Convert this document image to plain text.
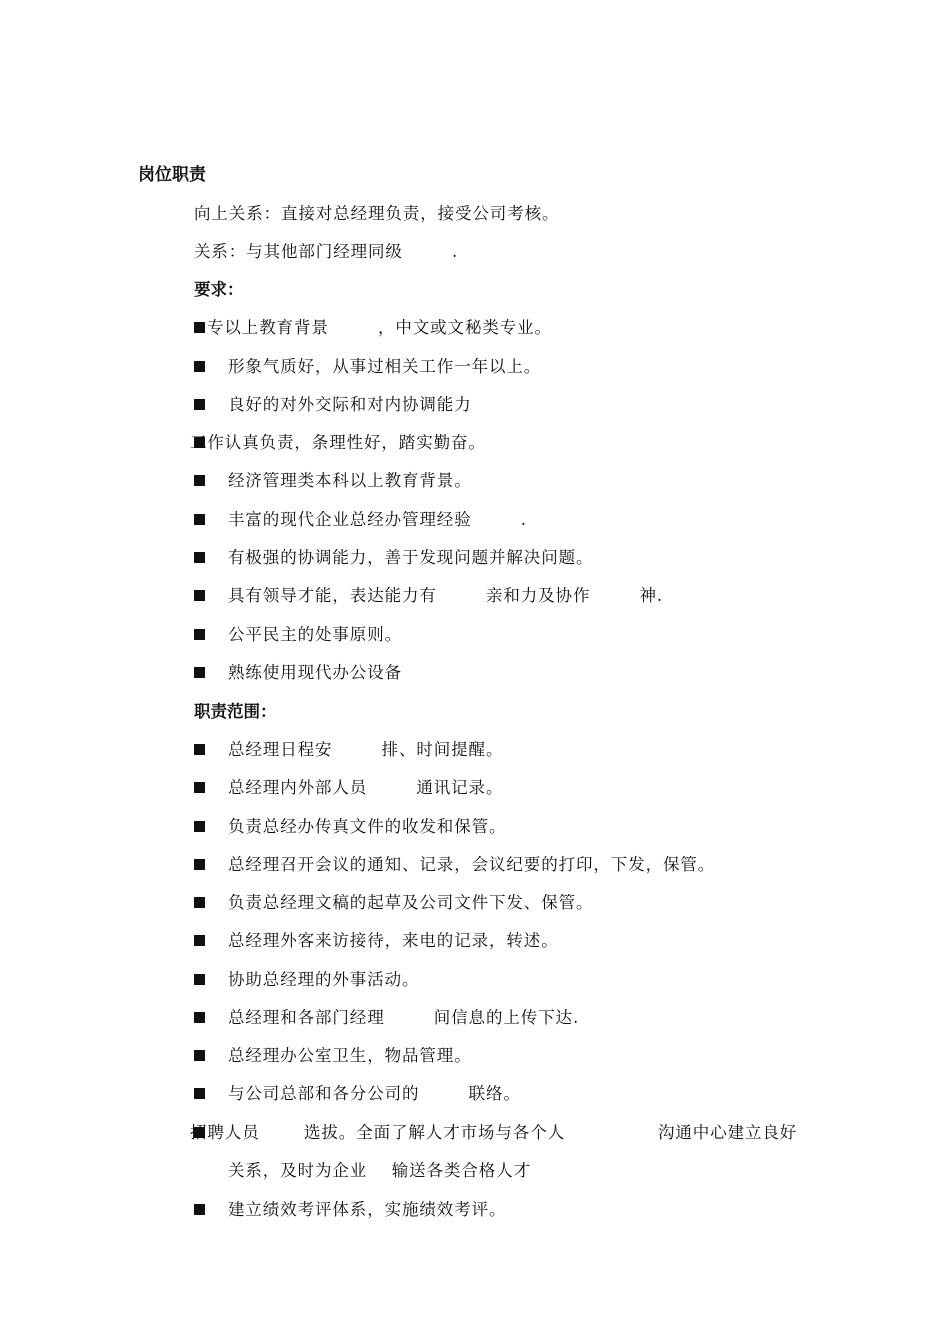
岗位职责
向上关系：直接对总经理负责，接受公司考核。
关系：与其他部门经理同级        .
要求：
专以上教育背景        ，中文或文秘类专业。
形象气质好，从事过相关工作一年以上。
良好的对外交际和对内协调能力
工作认真负责，条理性好，踏实勤奋。
经济管理类本科以上教育背景。
丰富的现代企业总经办管理经验        .
有极强的协调能力，善于发现问题并解决问题。
具有领导才能，表达能力有        亲和力及协作        神.
公平民主的处事原则。
熟练使用现代办公设备
职责范围：
总经理日程安        排、时间提醒。
总经理内外部人员        通讯记录。
负责总经办传真文件的收发和保管。
总经理召开会议的通知、记录，会议纪要的打印，下发，保管。
负责总经理文稿的起草及公司文件下发、保管。
总经理外客来访接待，来电的记录，转述。
协助总经理的外事活动。
总经理和各部门经理        间信息的上传下达.
总经理办公室卫生，物品管理。
与公司总部和各分公司的        联络。
招聘人员	选拔。全面了解人才市场与各个人	沟通中心建立良好
关系，及时为企业    输送各类合格人才
建立绩效考评体系，实施绩效考评。
